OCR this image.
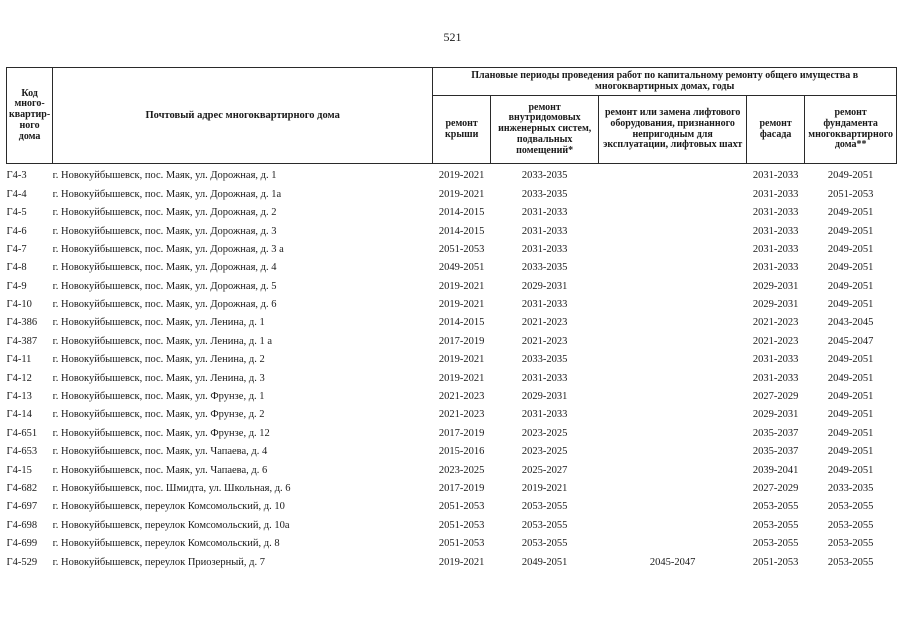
521
Код много-квартир-ного дома	Почтовый адрес многоквартирного дома	Плановые периоды проведения работ по капитальному ремонту общего имущества в многоквартирных домах, годы				
		ремонт крыши	ремонт внутридомовых инженерных систем, подвальных помещений*	ремонт или замена лифтового оборудования, признанного непригодным для эксплуатации, лифтовых шахт	ремонт фасада	ремонт фундамента многоквартирного дома**
Г4-3	г. Новокуйбышевск, пос. Маяк, ул. Дорожная, д. 1	2019-2021	2033-2035		2031-2033	2049-2051
Г4-4	г. Новокуйбышевск, пос. Маяк, ул. Дорожная, д. 1а	2019-2021	2033-2035		2031-2033	2051-2053
Г4-5	г. Новокуйбышевск, пос. Маяк, ул. Дорожная, д. 2	2014-2015	2031-2033		2031-2033	2049-2051
Г4-6	г. Новокуйбышевск, пос. Маяк, ул. Дорожная, д. 3	2014-2015	2031-2033		2031-2033	2049-2051
Г4-7	г. Новокуйбышевск, пос. Маяк, ул. Дорожная, д. 3 а	2051-2053	2031-2033		2031-2033	2049-2051
Г4-8	г. Новокуйбышевск, пос. Маяк, ул. Дорожная, д. 4	2049-2051	2033-2035		2031-2033	2049-2051
Г4-9	г. Новокуйбышевск, пос. Маяк, ул. Дорожная, д. 5	2019-2021	2029-2031		2029-2031	2049-2051
Г4-10	г. Новокуйбышевск, пос. Маяк, ул. Дорожная, д. 6	2019-2021	2031-2033		2029-2031	2049-2051
Г4-386	г. Новокуйбышевск, пос. Маяк, ул. Ленина, д. 1	2014-2015	2021-2023		2021-2023	2043-2045
Г4-387	г. Новокуйбышевск, пос. Маяк, ул. Ленина, д. 1 а	2017-2019	2021-2023		2021-2023	2045-2047
Г4-11	г. Новокуйбышевск, пос. Маяк, ул. Ленина, д. 2	2019-2021	2033-2035		2031-2033	2049-2051
Г4-12	г. Новокуйбышевск, пос. Маяк, ул. Ленина, д. 3	2019-2021	2031-2033		2031-2033	2049-2051
Г4-13	г. Новокуйбышевск, пос. Маяк, ул. Фрунзе, д. 1	2021-2023	2029-2031		2027-2029	2049-2051
Г4-14	г. Новокуйбышевск, пос. Маяк, ул. Фрунзе, д. 2	2021-2023	2031-2033		2029-2031	2049-2051
Г4-651	г. Новокуйбышевск, пос. Маяк, ул. Фрунзе, д. 12	2017-2019	2023-2025		2035-2037	2049-2051
Г4-653	г. Новокуйбышевск, пос. Маяк, ул. Чапаева, д. 4	2015-2016	2023-2025		2035-2037	2049-2051
Г4-15	г. Новокуйбышевск, пос. Маяк, ул. Чапаева, д. 6	2023-2025	2025-2027		2039-2041	2049-2051
Г4-682	г. Новокуйбышевск, пос. Шмидта, ул. Школьная, д. 6	2017-2019	2019-2021		2027-2029	2033-2035
Г4-697	г. Новокуйбышевск, переулок Комсомольский, д. 10	2051-2053	2053-2055		2053-2055	2053-2055
Г4-698	г. Новокуйбышевск, переулок Комсомольский, д. 10а	2051-2053	2053-2055		2053-2055	2053-2055
Г4-699	г. Новокуйбышевск, переулок Комсомольский, д. 8	2051-2053	2053-2055		2053-2055	2053-2055
Г4-529	г. Новокуйбышевск, переулок Приозерный, д. 7	2019-2021	2049-2051	2045-2047	2051-2053	2053-2055
